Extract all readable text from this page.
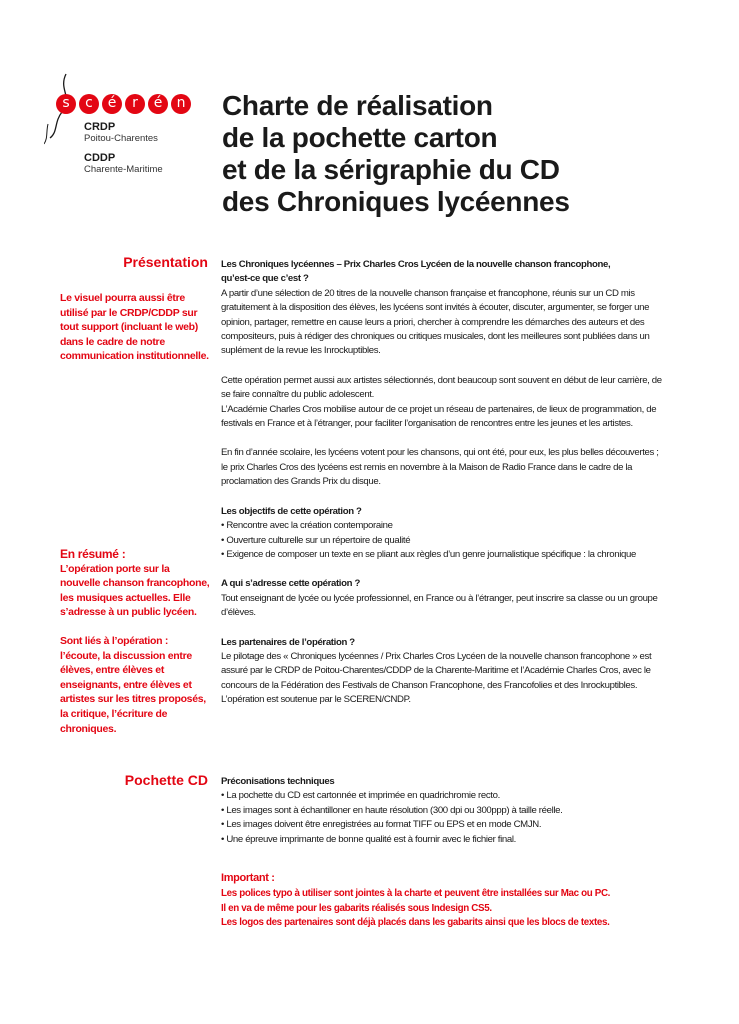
s	c	é	r	é	n
CRDP
Poitou-Charentes
CDDP
Charente-Maritime
Charte de réalisation
de la pochette carton
et de la sérigraphie du CD
des Chroniques lycéennes
Présentation

Le visuel pourra aussi être utilisé par le CRDP/CDDP sur tout support (incluant le web) dans le cadre de notre communication institutionnelle.

Les Chroniques lycéennes – Prix Charles Cros Lycéen de la nouvelle chanson francophone,
qu’est-ce que c’est ?

A partir d’une sélection de 20 titres de la nouvelle chanson française et francophone, réunis sur un CD mis gratuitement à la disposition des élèves, les lycéens sont invités à écouter, discuter, argumenter, se forger une opinion, partager, remettre en cause leurs a priori, chercher à comprendre les démarches des auteurs et des compositeurs, puis à rédiger des chroniques ou critiques musicales, dont les meilleures sont publiées dans un suplément de la revue les Inrockuptibles.

Cette opération permet aussi aux artistes sélectionnés, dont beaucoup sont souvent en début de leur carrière, de se faire connaître du public adolescent.

L’Académie Charles Cros mobilise autour de ce projet un réseau de partenaires, de lieux de programmation, de festivals en France et à l’étranger, pour faciliter l’organisation de rencontres entre les jeunes et les artistes.

En fin d’année scolaire, les lycéens votent pour les chansons, qui ont été, pour eux, les plus belles découvertes ; le prix Charles Cros des lycéens est remis en novembre à la Maison de Radio France dans le cadre de la proclamation des Grands Prix du disque.

Les objectifs de cette opération ?
• Rencontre avec la création contemporaine
• Ouverture culturelle sur un répertoire de qualité
• Exigence de composer un texte en se pliant aux règles d’un genre journalistique spécifique : la chronique
A qui s’adresse cette opération ?

Tout enseignant de lycée ou lycée professionnel, en France ou à l’étranger, peut inscrire sa classe ou un groupe d’élèves.

Les partenaires de l’opération ?

Le pilotage des « Chroniques lycéennes / Prix Charles Cros Lycéen de la nouvelle chanson francophone » est assuré par le CRDP de Poitou-Charentes/CDDP de la Charente-Maritime et l’Académie Charles Cros, avec le concours de la Fédération des Festivals de Chanson Francophone, des Francofolies et des Inrockuptibles. L’opération est soutenue par le SCEREN/CNDP.

En résumé :

L’opération porte sur la nouvelle chanson francophone, les musiques actuelles. Elle s’adresse à un public lycéen.

Sont liés à l’opération : l’écoute, la discussion entre élèves, entre élèves et enseignants, entre élèves et artistes sur les titres proposés, la critique, l’écriture de chroniques.

Pochette CD Préconisations techniques
• La pochette du CD est cartonnée et imprimée en quadrichromie recto.
• Les images sont à échantilloner en haute résolution (300 dpi ou 300ppp) à taille réelle.
• Les images doivent être enregistrées au format TIFF ou EPS et en mode CMJN.
• Une épreuve imprimante de bonne qualité est à fournir avec le fichier final.
Important :
Les polices typo à utiliser sont jointes à la charte et peuvent être installées sur Mac ou PC.
Il en va de même pour les gabarits réalisés sous Indesign CS5.
Les logos des partenaires sont déjà placés dans les gabarits ainsi que les blocs de textes.
